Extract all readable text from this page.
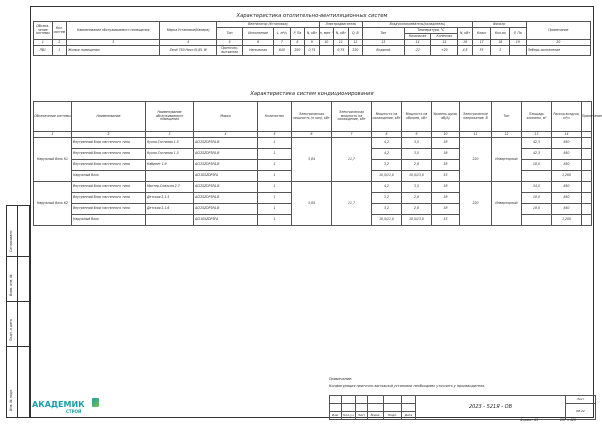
Характеристика отопительно-вентиляционных систем
Обозна-чение системы	Кол. систем	Наименование обслуживаемого помещения	Марка Установки(Камера)	Вентилятор (Установка)					Электродвигатель			Воздухонагреватель(охладитель)				Фильтр			Примечание
				Тип	Исполнение	L, м³/ч	P, Па	N, кВт	n, мин⁻¹	N, кВт	Q, В	Тип	Температура, °С		N, кВт	Класс	Кол-во	P, Па	
													Начальная	Конечная					
1	2	3	4	5	6	7	8	9	10	11	12	13	14	15	16	17	18	19	20
ПВ1	1	Жилые помещения	Zenit 750 Heco EL/EL W	Приточно-вытяжная	Напольная	640	250	0,75		0,75	220	Водяной	-21	+20	4,5	F5	2		Лебедь исполнение
Характеристика систем кондиционирования
Обозначение системы	Наименование	Наименование обслуживаемого помещения	Марка	Количество	Электрическая мощность (п чил), кВт	Электрическая мощность на охлаждение, кВт	Мощность на охлаждение, кВт	Мощность на обогрев, кВт	Уровень шума, dB(A)	Электрическое напряжение, В	Тип	Площадь комнаты, м²	Расход воздуха, м³/ч	Примечание
1	2	3	4	5	6	7	8	9	10	11	12	13	14	
Наружный блок К1	Внутренний блок настенного типа	Кухня-Гостиная 1.5	ACI25ZDP3FA-B	1	3,84	11,7	4,2	3,5	38	220	Инверторный	42,3	850	
	Внутренний блок настенного типа	Кухня-Гостиная 1.5	ACI25ZDP3FA-B	1			4,2	3,5	38			42,3	850	
	Внутренний блок настенного типа	Кабинет 1.9	ACI25ZDP3FA-B	1			3,2	2,8	38			18,0	850	
	Наружный блок		ACI105ZDP3FA	1			10,5/11,0	10,5/13,0	53				1,200	
Наружный блок К2	Внутренний блок настенного типа	Мастер-Спальня 2.7	ACI25ZDP3FA-B	1	3,84	11,7	4,2	3,5	38	220	Инверторный	34,0	850	
	Внутренний блок настенного типа	Детская 2.1.5	ACI25ZDP3FA-B	1			3,2	2,8	38			18,0	850	
	Внутренний блок настенного типа	Детская 2.1.6	ACI25ZDP3FA-B	1			3,2	2,8	38			18,0	850	
	Наружный блок		ACI105ZDP3FA	1			10,5/11,0	10,5/13,0	53				1,200	
Примечание:
Конфигурация приточно-вытяжной установки необходимо уточнить у производителя.
						2023 - 521Я - ОВ	Лист
							08.22
Изм.	Кол.уч	Лист	№док.	Подп.	Дата		
Формат А3	297 x 420
Согласовано
Взам. инв. №
Подп. и дата
Инв. № подл. АКАДЕМИК
СТРОЙ
